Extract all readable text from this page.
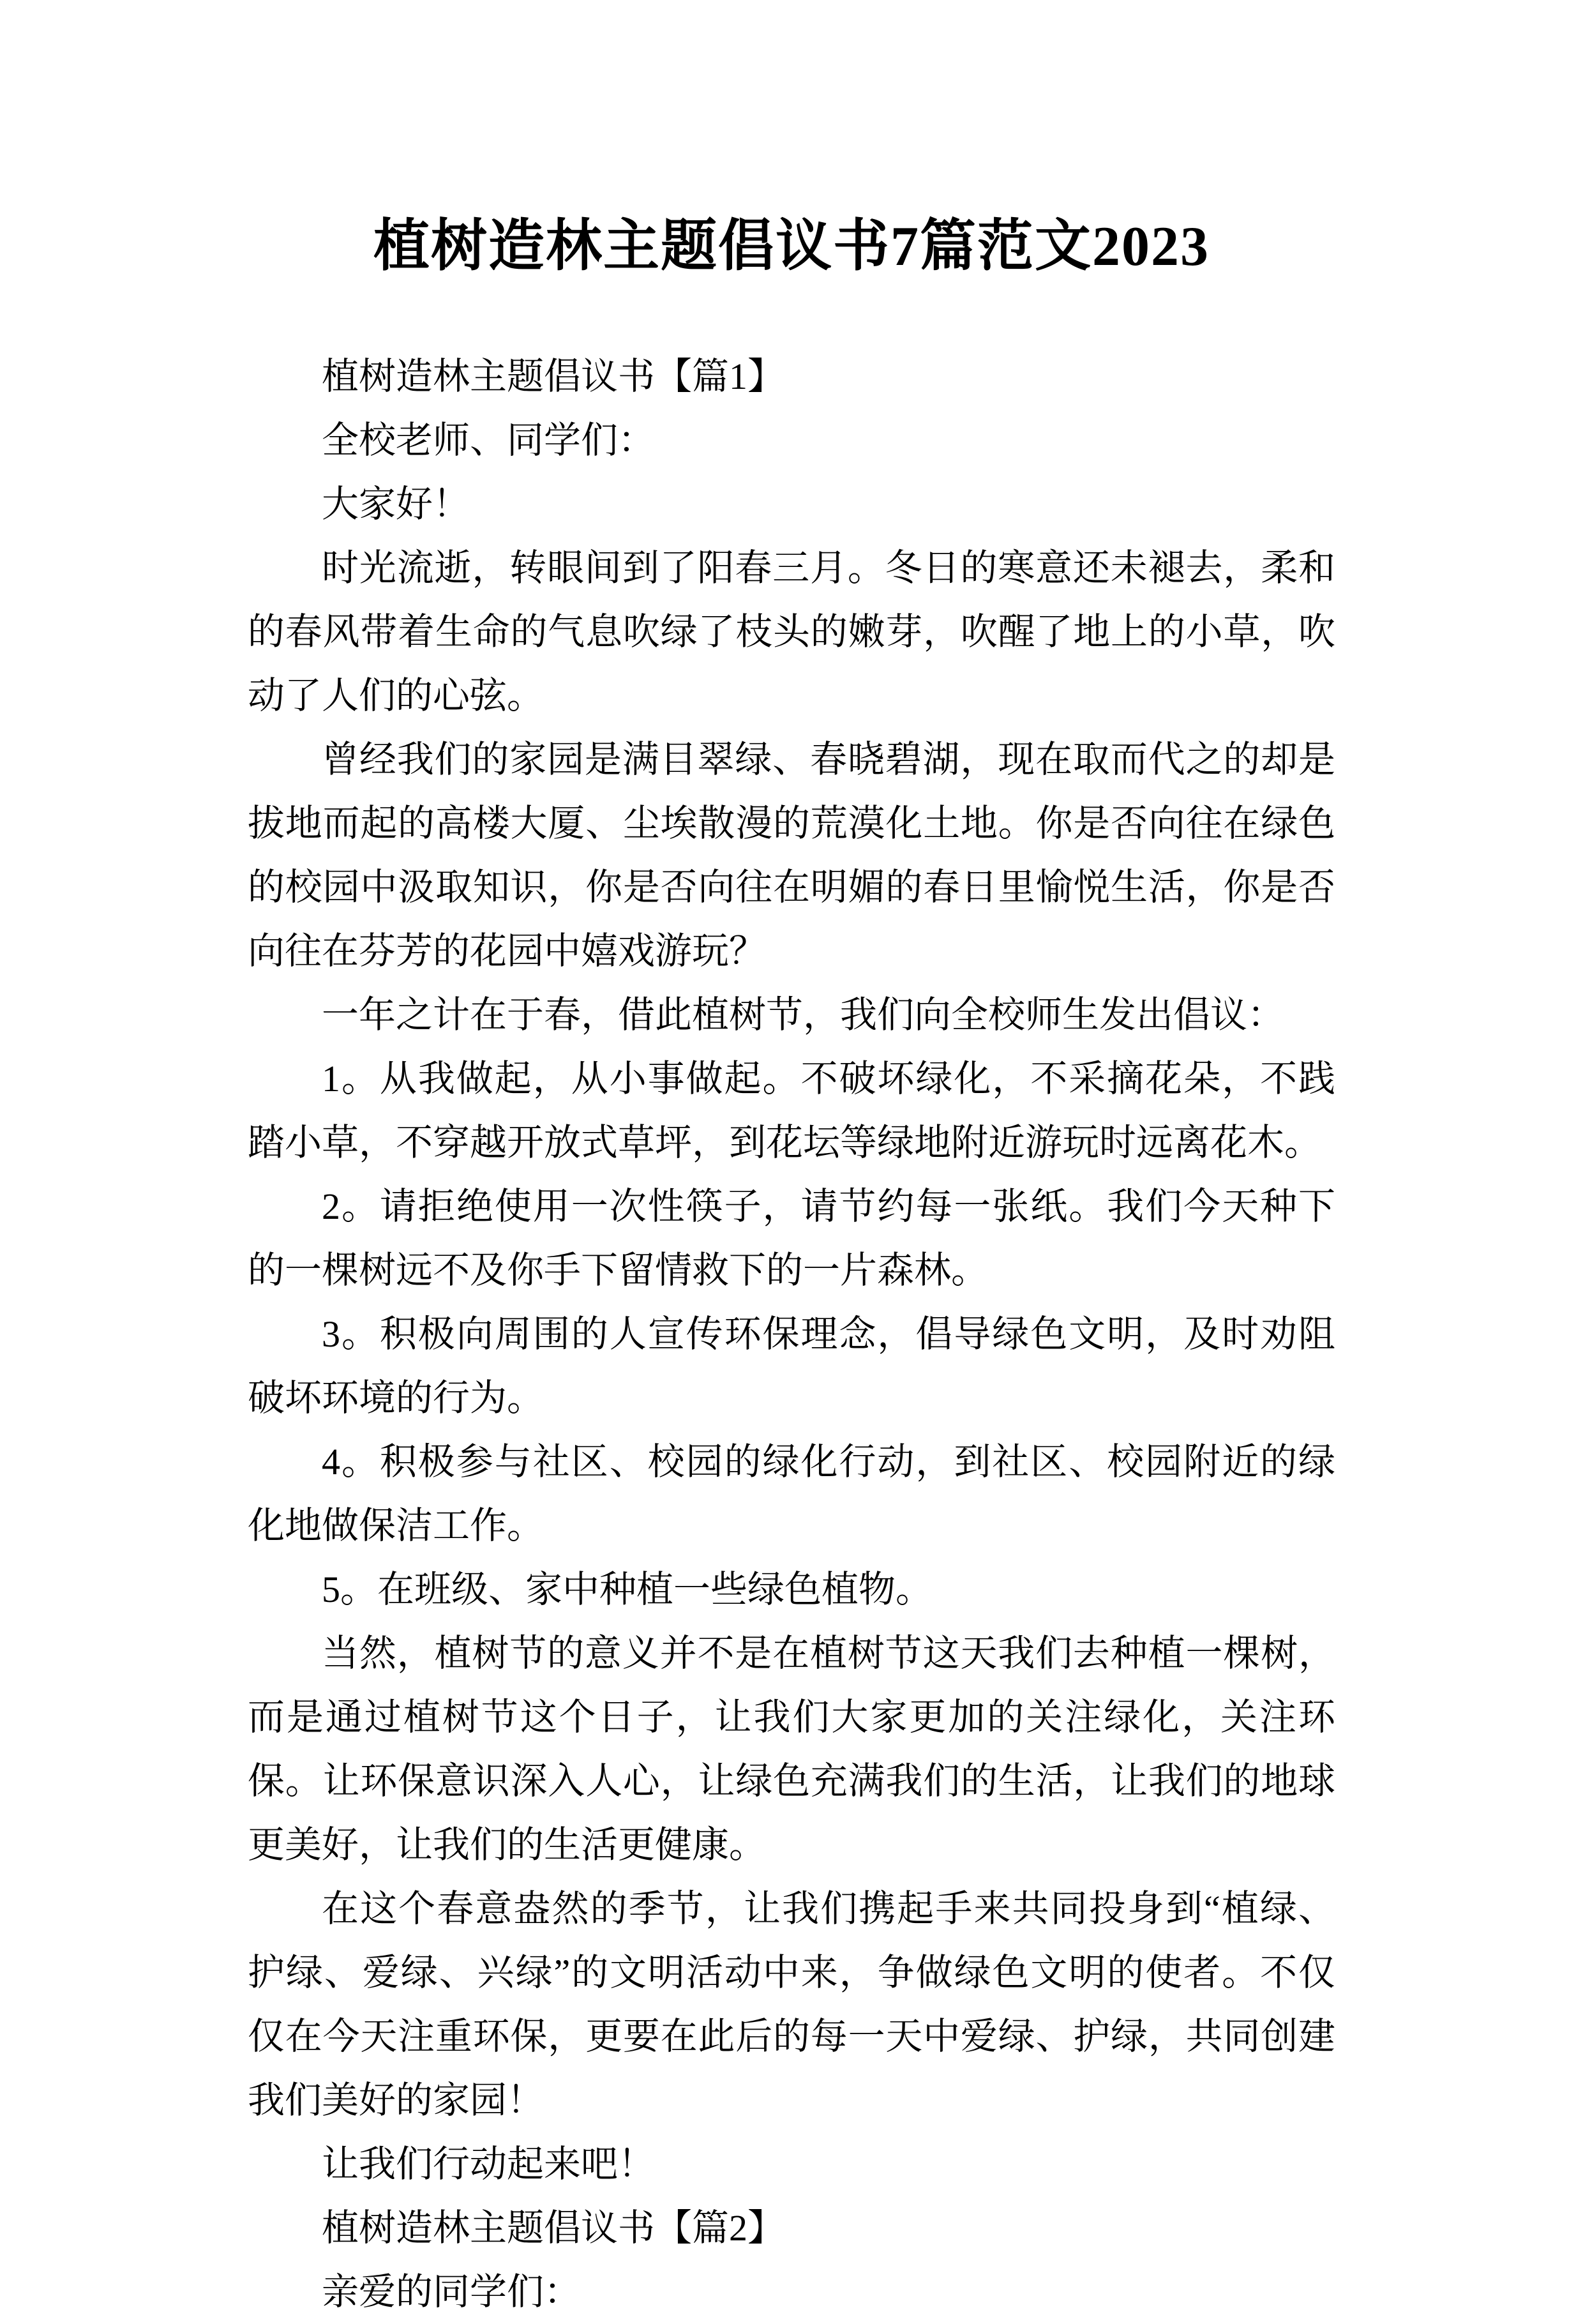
植树造林主题倡议书7篇范文2023

植树造林主题倡议书【篇1】

全校老师、同学们：

大家好！

时光流逝，转眼间到了阳春三月。冬日的寒意还未褪去，柔和的春风带着生命的气息吹绿了枝头的嫩芽，吹醒了地上的小草，吹动了人们的心弦。

曾经我们的家园是满目翠绿、春晓碧湖，现在取而代之的却是拔地而起的高楼大厦、尘埃散漫的荒漠化土地。你是否向往在绿色的校园中汲取知识，你是否向往在明媚的春日里愉悦生活，你是否向往在芬芳的花园中嬉戏游玩？

一年之计在于春，借此植树节，我们向全校师生发出倡议：

1。从我做起，从小事做起。不破坏绿化，不采摘花朵，不践踏小草，不穿越开放式草坪，到花坛等绿地附近游玩时远离花木。

2。请拒绝使用一次性筷子，请节约每一张纸。我们今天种下的一棵树远不及你手下留情救下的一片森林。

3。积极向周围的人宣传环保理念，倡导绿色文明，及时劝阻破坏环境的行为。

4。积极参与社区、校园的绿化行动，到社区、校园附近的绿化地做保洁工作。

5。在班级、家中种植一些绿色植物。

当然，植树节的意义并不是在植树节这天我们去种植一棵树，而是通过植树节这个日子，让我们大家更加的关注绿化，关注环保。让环保意识深入人心，让绿色充满我们的生活，让我们的地球更美好，让我们的生活更健康。

在这个春意盎然的季节，让我们携起手来共同投身到“植绿、护绿、爱绿、兴绿”的文明活动中来，争做绿色文明的使者。不仅仅在今天注重环保，更要在此后的每一天中爱绿、护绿，共同创建我们美好的家园！

让我们行动起来吧！

植树造林主题倡议书【篇2】

亲爱的同学们：
